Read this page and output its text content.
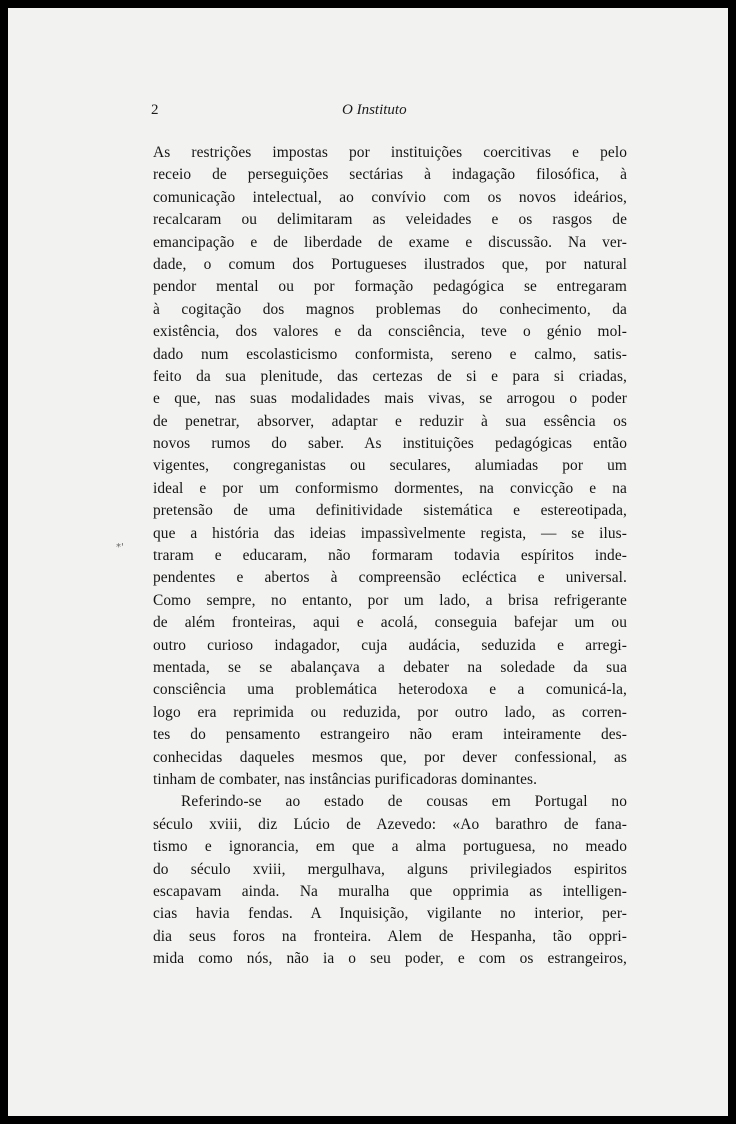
2	O Instituto
*'
As restrições impostas por instituições coercitivas e pelo
receio de perseguições sectárias à indagação filosófica, à
comunicação intelectual, ao convívio com os novos ideários,
recalcaram ou delimitaram as veleidades e os rasgos de
emancipação e de liberdade de exame e discussão. Na ver-
dade, o comum dos Portugueses ilustrados que, por natural
pendor mental ou por formação pedagógica se entregaram
à cogitação dos magnos problemas do conhecimento, da
existência, dos valores e da consciência, teve o génio mol-
dado num escolasticismo conformista, sereno e calmo, satis-
feito da sua plenitude, das certezas de si e para si criadas,
e que, nas suas modalidades mais vivas, se arrogou o poder
de penetrar, absorver, adaptar e reduzir à sua essência os
novos rumos do saber. As instituições pedagógicas então
vigentes, congreganistas ou seculares, alumiadas por um
ideal e por um conformismo dormentes, na convicção e na
pretensão de uma definitividade sistemática e estereotipada,
que a história das ideias impassìvelmente regista, — se ilus-
traram e educaram, não formaram todavia espíritos inde-
pendentes e abertos à compreensão ecléctica e universal.
Como sempre, no entanto, por um lado, a brisa refrigerante
de além fronteiras, aqui e acolá, conseguia bafejar um ou
outro curioso indagador, cuja audácia, seduzida e arregi-
mentada, se se abalançava a debater na soledade da sua
consciência uma problemática heterodoxa e a comunicá-la,
logo era reprimida ou reduzida, por outro lado, as corren-
tes do pensamento estrangeiro não eram inteiramente des-
conhecidas daqueles mesmos que, por dever confessional, as
tinham de combater, nas instâncias purificadoras dominantes.
Referindo-se ao estado de cousas em Portugal no
século xviii, diz Lúcio de Azevedo: «Ao barathro de fana-
tismo e ignorancia, em que a alma portuguesa, no meado
do século xviii, mergulhava, alguns privilegiados espiritos
escapavam ainda. Na muralha que opprimia as intelligen-
cias havia fendas. A Inquisição, vigilante no interior, per-
dia seus foros na fronteira. Alem de Hespanha, tão oppri-
mida como nós, não ia o seu poder, e com os estrangeiros,
